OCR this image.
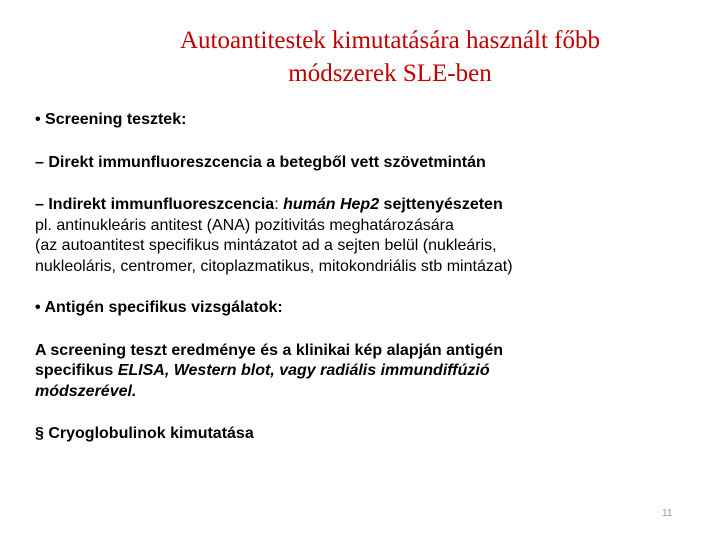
Autoantitestek kimutatására használt főbb
módszerek SLE-ben
• Screening tesztek:
– Direkt immunfluoreszcencia a betegből vett szövetmintán
– Indirekt immunfluoreszcencia: humán Hep2 sejttenyészeten
pl. antinukleáris antitest (ANA) pozitivitás meghatározására
(az autoantitest specifikus mintázatot ad a sejten belül (nukleáris,
nukleoláris, centromer, citoplazmatikus, mitokondriális stb mintázat)
• Antigén specifikus vizsgálatok:
A screening teszt eredménye és a klinikai kép alapján antigén
specifikus ELISA, Western blot, vagy radiális immundiffúzió
módszerével.
§ Cryoglobulinok kimutatása
11
